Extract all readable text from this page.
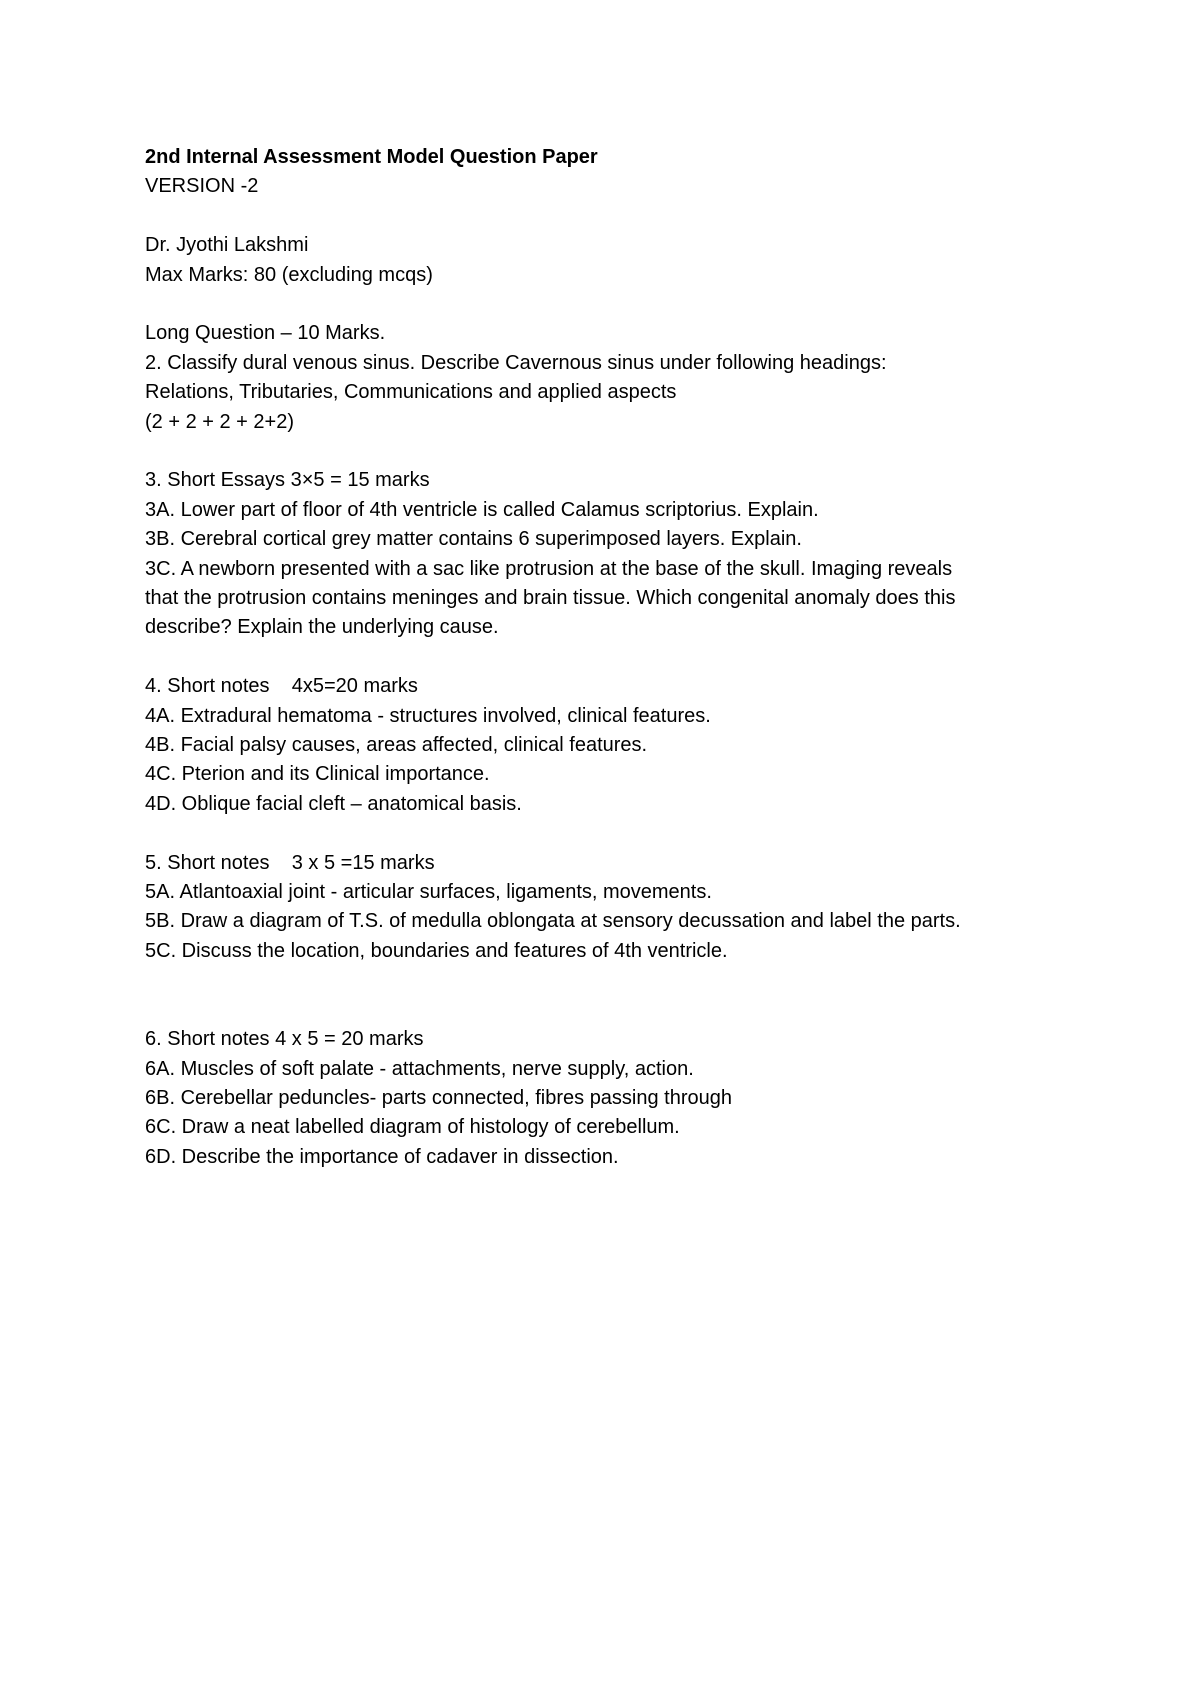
2nd Internal Assessment Model Question Paper
VERSION -2
Dr. Jyothi Lakshmi
Max Marks: 80 (excluding mcqs)
Long Question – 10 Marks.
2. Classify dural venous sinus. Describe Cavernous sinus under following headings:
Relations, Tributaries, Communications and applied aspects
(2 + 2 + 2 + 2+2)
3. Short Essays 3×5 = 15 marks
3A. Lower part of floor of 4th ventricle is called Calamus scriptorius. Explain.
3B. Cerebral cortical grey matter contains 6 superimposed layers. Explain.
3C. A newborn presented with a sac like protrusion at the base of the skull. Imaging reveals
that the protrusion contains meninges and brain tissue. Which congenital anomaly does this
describe? Explain the underlying cause.
4. Short notes    4x5=20 marks
4A. Extradural hematoma - structures involved, clinical features.
4B. Facial palsy causes, areas affected, clinical features.
4C. Pterion and its Clinical importance.
4D. Oblique facial cleft – anatomical basis.
5. Short notes    3 x 5 =15 marks
5A. Atlantoaxial joint - articular surfaces, ligaments, movements.
5B. Draw a diagram of T.S. of medulla oblongata at sensory decussation and label the parts.
5C. Discuss the location, boundaries and features of 4th ventricle.
6. Short notes 4 x 5 = 20 marks
6A. Muscles of soft palate - attachments, nerve supply, action.
6B. Cerebellar peduncles- parts connected, fibres passing through
6C. Draw a neat labelled diagram of histology of cerebellum.
6D. Describe the importance of cadaver in dissection.
